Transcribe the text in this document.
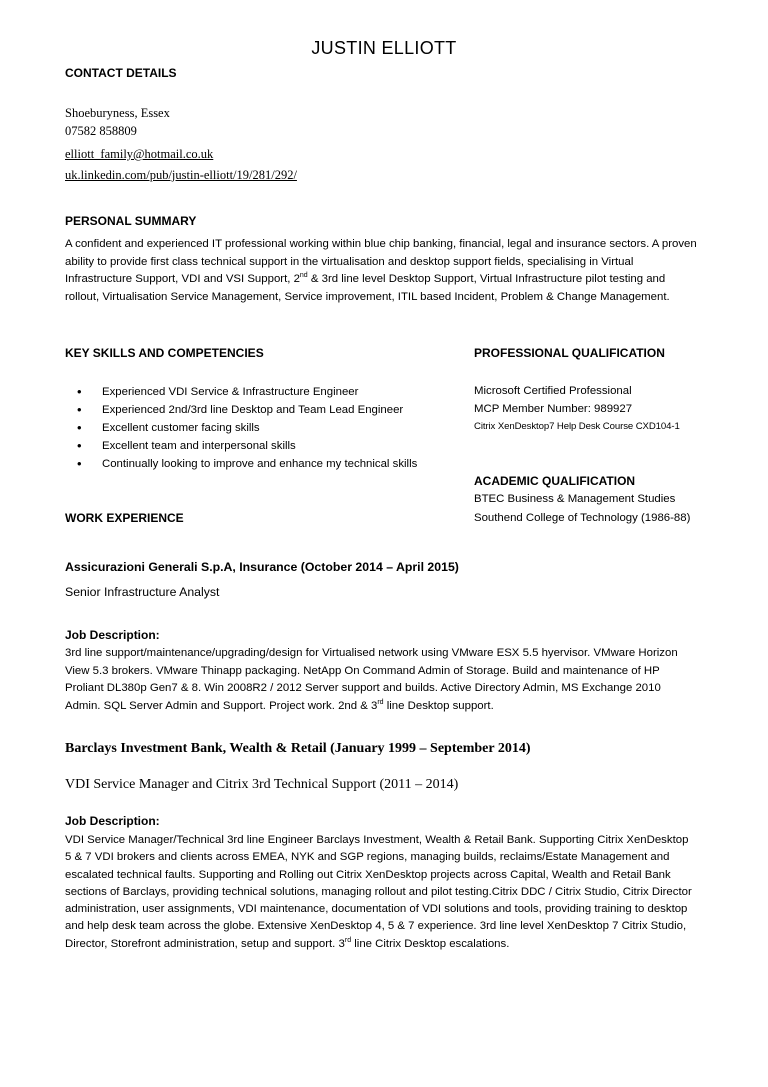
JUSTIN ELLIOTT
CONTACT DETAILS
Shoeburyness, Essex
07582 858809
elliott_family@hotmail.co.uk
uk.linkedin.com/pub/justin-elliott/19/281/292/
PERSONAL SUMMARY
A confident and experienced IT professional working within blue chip banking, financial, legal and insurance sectors. A proven ability to provide first class technical support in the virtualisation and desktop support fields, specialising in Virtual Infrastructure Support, VDI and VSI Support, 2nd & 3rd line level Desktop Support, Virtual Infrastructure pilot testing and rollout, Virtualisation Service Management, Service improvement, ITIL based Incident, Problem & Change Management.
KEY SKILLS AND COMPETENCIES
• Experienced VDI Service & Infrastructure Engineer
• Experienced 2nd/3rd line Desktop and Team Lead Engineer
• Excellent customer facing skills
• Excellent team and interpersonal skills
• Continually looking to improve and enhance my technical skills
PROFESSIONAL QUALIFICATION
Microsoft Certified Professional
MCP Member Number: 989927
Citrix XenDesktop7 Help Desk Course CXD104-1
ACADEMIC QUALIFICATION
BTEC Business & Management Studies
Southend College of Technology (1986-88)
WORK EXPERIENCE
Assicurazioni Generali S.p.A, Insurance (October 2014 – April 2015)
Senior Infrastructure Analyst
Job Description:
3rd line support/maintenance/upgrading/design for Virtualised network using VMware ESX 5.5 hyervisor. VMware Horizon View 5.3 brokers. VMware Thinapp packaging. NetApp On Command Admin of Storage. Build and maintenance of HP Proliant DL380p Gen7 & 8. Win 2008R2 / 2012 Server support and builds. Active Directory Admin, MS Exchange 2010 Admin. SQL Server Admin and Support. Project work. 2nd & 3rd line Desktop support.
Barclays Investment Bank, Wealth & Retail (January 1999 – September 2014)
VDI Service Manager and Citrix 3rd Technical Support (2011 – 2014)
Job Description:
VDI Service Manager/Technical 3rd line Engineer Barclays Investment, Wealth & Retail Bank. Supporting Citrix XenDesktop 5 & 7 VDI brokers and clients across EMEA, NYK and SGP regions, managing builds, reclaims/Estate Management and escalated technical faults. Supporting and Rolling out Citrix XenDesktop projects across Capital, Wealth and Retail Bank sections of Barclays, providing technical solutions, managing rollout and pilot testing.Citrix DDC / Citrix Studio, Citrix Director administration, user assignments, VDI maintenance, documentation of VDI solutions and tools, providing training to desktop and help desk team across the globe. Extensive XenDesktop 4, 5 & 7 experience. 3rd line level XenDesktop 7 Citrix Studio, Director, Storefront administration, setup and support. 3rd line Citrix Desktop escalations.
